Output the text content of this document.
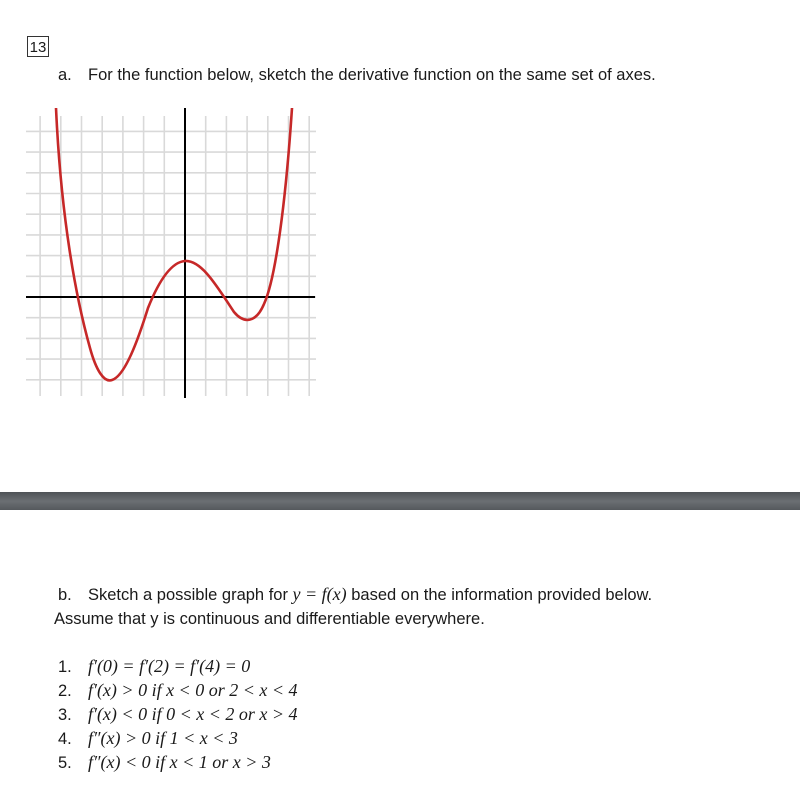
13
a. For the function below, sketch the derivative function on the same set of axes.
b. Sketch a possible graph for y = f(x) based on the information provided below.
Assume that y is continuous and differentiable everywhere.
1. f′(0) = f′(2) = f′(4) = 0
2. f′(x) > 0 if x < 0 or 2 < x < 4
3. f′(x) < 0 if 0 < x < 2 or x > 4
4. f″(x) > 0 if 1 < x < 3
5. f″(x) < 0 if x < 1 or x > 3
